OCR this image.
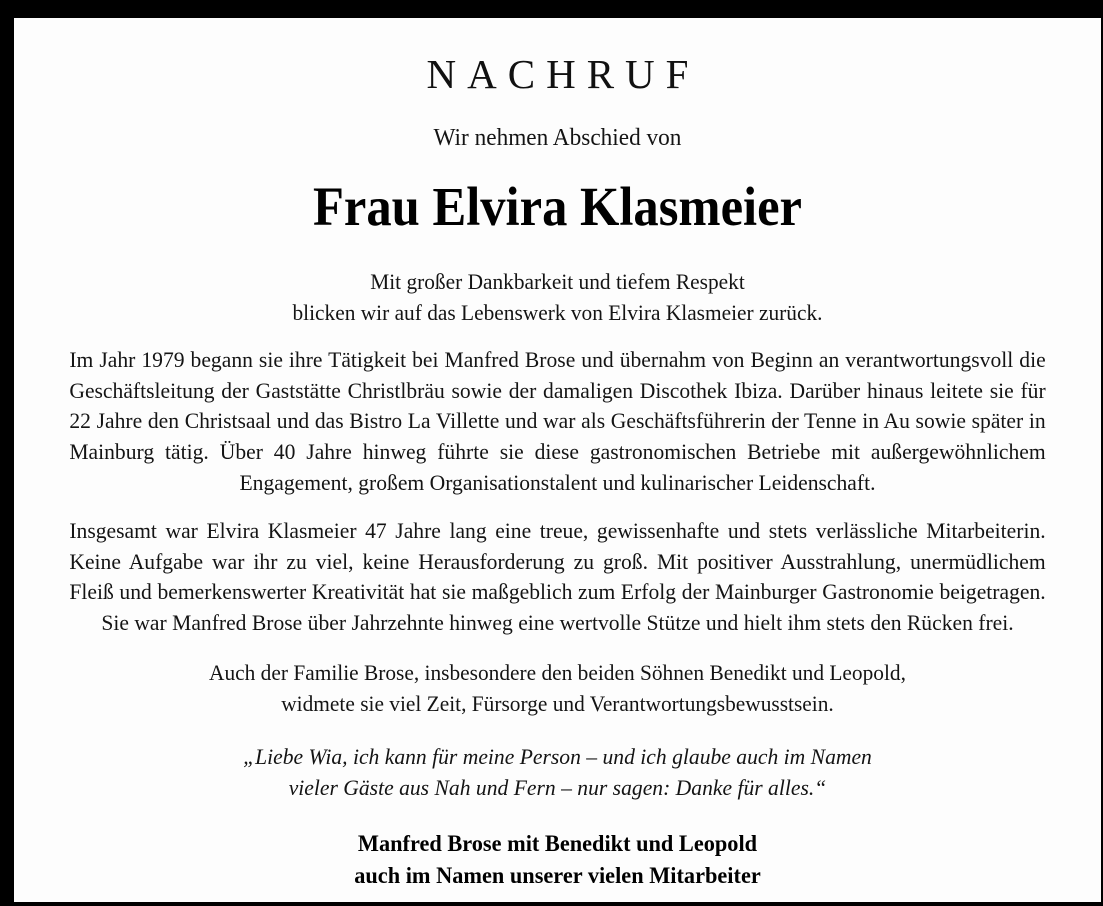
NACHRUF

Wir nehmen Abschied von

Frau Elvira Klasmeier
Mit großer Dankbarkeit und tiefem Respekt
blicken wir auf das Lebenswerk von Elvira Klasmeier zurück.

Im Jahr 1979 begann sie ihre Tätigkeit bei Manfred Brose und übernahm von Beginn an verantwortungsvoll die Geschäftsleitung der Gaststätte Christlbräu sowie der damaligen Discothek Ibiza. Darüber hinaus leitete sie für 22 Jahre den Christsaal und das Bistro La Villette und war als Geschäftsführerin der Tenne in Au sowie später in Mainburg tätig. Über 40 Jahre hinweg führte sie diese gastronomischen Betriebe mit außergewöhnlichem Engagement, großem Organisationstalent und kulinarischer Leidenschaft.

Insgesamt war Elvira Klasmeier 47 Jahre lang eine treue, gewissenhafte und stets verlässliche Mitarbeiterin. Keine Aufgabe war ihr zu viel, keine Herausforderung zu groß. Mit positiver Ausstrahlung, unermüdlichem Fleiß und bemerkenswerter Kreativität hat sie maßgeblich zum Erfolg der Mainburger Gastronomie beigetragen. Sie war Manfred Brose über Jahrzehnte hinweg eine wertvolle Stütze und hielt ihm stets den Rücken frei.

Auch der Familie Brose, insbesondere den beiden Söhnen Benedikt und Leopold,
widmete sie viel Zeit, Fürsorge und Verantwortungsbewusstsein.
„Liebe Wia, ich kann für meine Person – und ich glaube auch im Namen
vieler Gäste aus Nah und Fern – nur sagen: Danke für alles.“
Manfred Brose mit Benedikt und Leopold
auch im Namen unserer vielen Mitarbeiter
